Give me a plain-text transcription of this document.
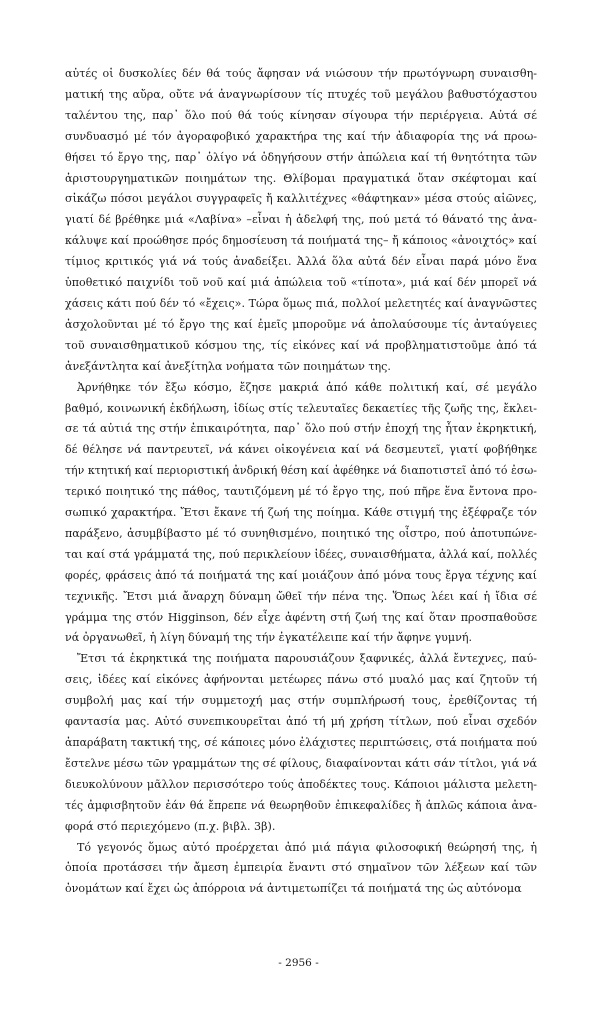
αὐτές οἱ δυσκολίες δέν θά τούς ἄφησαν νά νιώσουν τήν πρωτόγνωρη συναισθη-
ματική της αὔρα, οὔτε νά ἀναγνωρίσουν τίς πτυχές τοῦ μεγάλου βαθυστόχαστου
ταλέντου της, παρ᾽ ὅλο πού θά τούς κίνησαν σίγουρα τήν περιέργεια. Αὐτά σέ
συνδυασμό μέ τόν ἀγοραφοβικό χαρακτήρα της καί τήν ἀδιαφορία της νά προω-
θήσει τό ἔργο της, παρ᾽ ὀλίγο νά ὁδηγήσουν στήν ἀπώλεια καί τή θνητότητα τῶν
ἀριστουργηματικῶν ποιημάτων της. Θλίβομαι πραγματικά ὅταν σκέφτομαι καί
σἰκάζω πόσοι μεγάλοι συγγραφεῖς ἤ καλλιτέχνες «θάφτηκαν» μέσα στούς αἰῶνες,
γιατί δέ βρέθηκε μιά «Λαβίνα» –εἶναι ἡ ἀδελφή της, πού μετά τό θάνατό της ἀνα-
κάλυψε καί προώθησε πρός δημοσίευση τά ποιήματά της– ἤ κάποιος «ἀνοιχτός» καί
τίμιος κριτικός γιά νά τούς ἀναδείξει. Ἀλλά ὅλα αὐτά δέν εἶναι παρά μόνο ἕνα
ὑποθετικό παιχνίδι τοῦ νοῦ καί μιά ἀπώλεια τοῦ «τίποτα», μιά καί δέν μπορεῖ νά
χάσεις κάτι πού δέν τό «ἔχεις». Τώρα ὅμως πιά, πολλοί μελετητές καί ἀναγνῶστες
ἀσχολοῦνται μέ τό ἔργο της καί ἐμεῖς μποροῦμε νά ἀπολαύσουμε τίς ἀνταύγειες
τοῦ συναισθηματικοῦ κόσμου της, τίς εἰκόνες καί νά προβληματιστοῦμε ἀπό τά
ἀνεξάντλητα καί ἀνεξίτηλα νοήματα τῶν ποιημάτων της.
Ἀρνήθηκε τόν ἔξω κόσμο, ἔζησε μακριά ἀπό κάθε πολιτική καί, σέ μεγάλο
βαθμό, κοινωνική ἐκδήλωση, ἰδίως στίς τελευταῖες δεκαετίες τῆς ζωῆς της, ἔκλει-
σε τά αὐτιά της στήν ἐπικαιρότητα, παρ᾽ ὅλο πού στήν ἐποχή της ἦταν ἐκρηκτική,
δέ θέλησε νά παντρευτεῖ, νά κάνει οἰκογένεια καί νά δεσμευτεῖ, γιατί φοβήθηκε
τήν κτητική καί περιοριστική ἀνδρική θέση καί ἀφέθηκε νά διαποτιστεῖ ἀπό τό ἐσω-
τερικό ποιητικό της πάθος, ταυτιζόμενη μέ τό ἔργο της, πού πῆρε ἕνα ἔντονα προ-
σωπικό χαρακτήρα. Ἔτσι ἔκανε τή ζωή της ποίημα. Κάθε στιγμή της ἐξέφραζε τόν
παράξενο, ἀσυμβίβαστο μέ τό συνηθισμένο, ποιητικό της οἶστρο, πού ἀποτυπώνε-
ται καί στά γράμματά της, πού περικλείουν ἰδέες, συναισθήματα, ἀλλά καί, πολλές
φορές, φράσεις ἀπό τά ποιήματά της καί μοιάζουν ἀπό μόνα τους ἔργα τέχνης καί
τεχνικῆς. Ἔτσι μιά ἄναρχη δύναμη ὤθεῖ τήν πένα της. Ὅπως λέει καί ἡ ἴδια σέ
γράμμα της στόν Higginson, δέν εἶχε ἀφέντη στή ζωή της καί ὅταν προσπαθοῦσε
νά ὀργανωθεῖ, ἡ λίγη δύναμή της τήν ἐγκατέλειπε καί τήν ἄφηνε γυμνή.
Ἔτσι τά ἐκρηκτικά της ποιήματα παρουσιάζουν ξαφνικές, ἀλλά ἔντεχνες, παύ-
σεις, ἰδέες καί εἰκόνες ἀφήνονται μετέωρες πάνω στό μυαλό μας καί ζητοῦν τή
συμβολή μας καί τήν συμμετοχή μας στήν συμπλήρωσή τους, ἐρεθίζοντας τή
φαντασία μας. Αὐτό συνεπικουρεῖται ἀπό τή μή χρήση τίτλων, πού εἶναι σχεδόν
ἀπαράβατη τακτική της, σέ κάποιες μόνο ἐλάχιστες περιπτώσεις, στά ποιήματα πού
ἔστελνε μέσω τῶν γραμμάτων της σέ φίλους, διαφαίνονται κάτι σάν τίτλοι, γιά νά
διευκολύνουν μᾶλλον περισσότερο τούς ἀποδέκτες τους. Κάποιοι μάλιστα μελετη-
τές ἀμφισβητοῦν ἐάν θά ἔπρεπε νά θεωρηθοῦν ἐπικεφαλίδες ἤ ἁπλῶς κάποια ἀνα-
φορά στό περιεχόμενο (π.χ. βιβλ. 3β).
Τό γεγονός ὅμως αὐτό προέρχεται ἀπό μιά πάγια φιλοσοφική θεώρησή της, ἡ
ὁποία προτάσσει τήν ἄμεση ἐμπειρία ἔναντι στό σημαῖνον τῶν λέξεων καί τῶν
ὀνομάτων καί ἔχει ὡς ἀπόρροια νά ἀντιμετωπίζει τά ποιήματά της ὡς αὐτόνομα
- 2956 -
